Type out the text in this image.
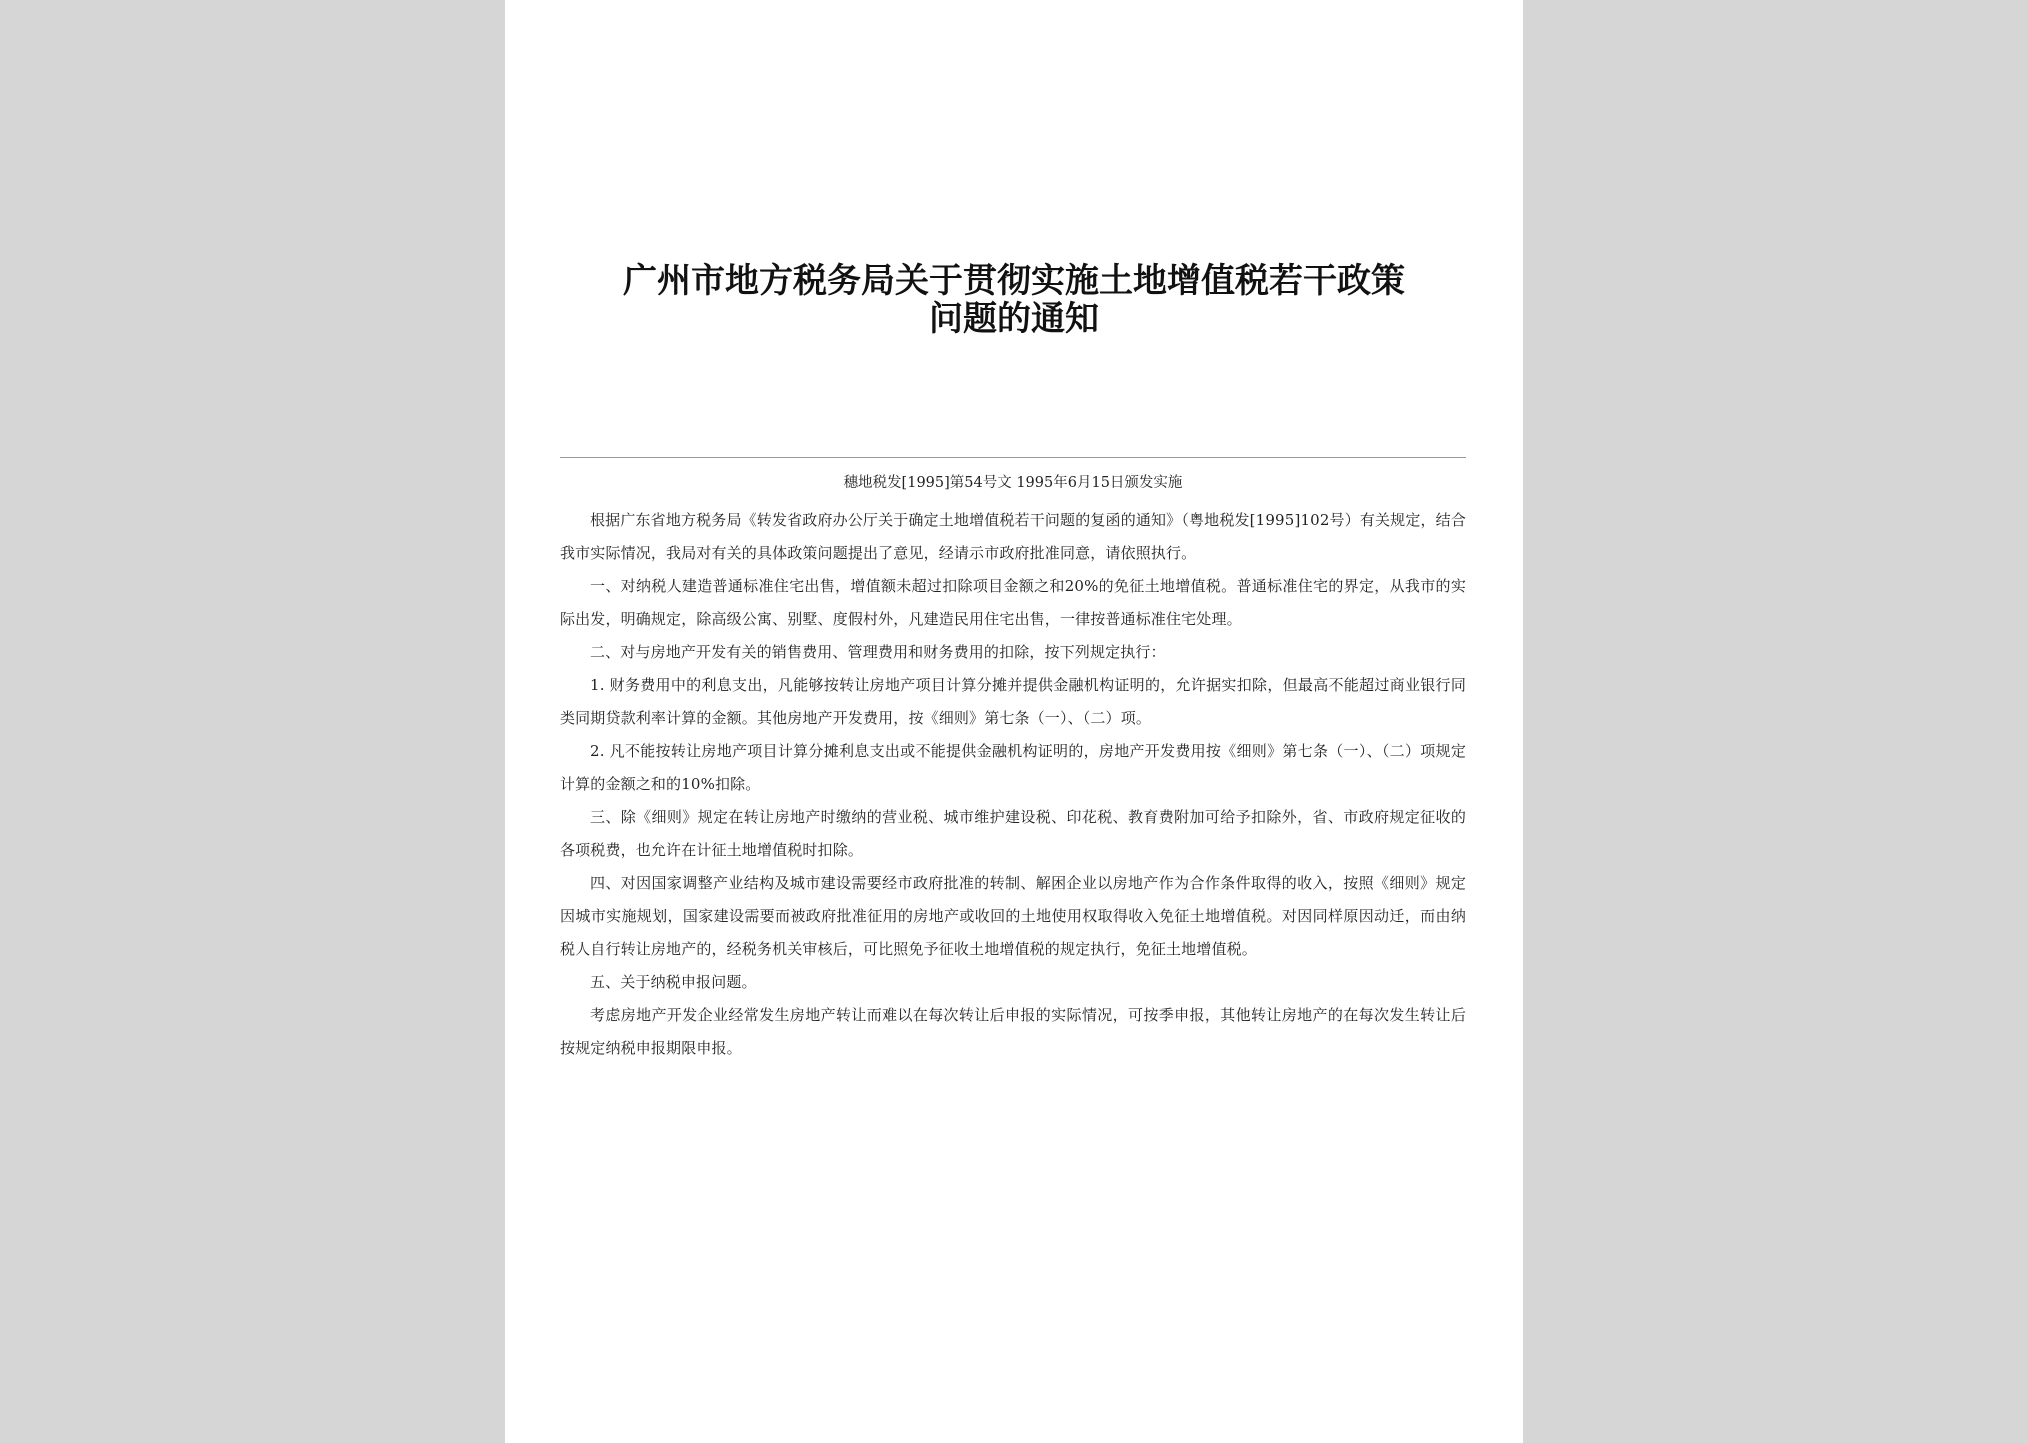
广州市地方税务局关于贯彻实施土地增值税若干政策
问题的通知

穗地税发[1995]第54号文 1995年6月15日颁发实施

根据广东省地方税务局《转发省政府办公厅关于确定土地增值税若干问题的复函的通知》（粤地税发[1995]102号）有关规定，结合我市实际情况，我局对有关的具体政策问题提出了意见，经请示市政府批准同意，请依照执行。

一、对纳税人建造普通标准住宅出售，增值额未超过扣除项目金额之和20%的免征土地增值税。普通标准住宅的界定，从我市的实际出发，明确规定，除高级公寓、别墅、度假村外，凡建造民用住宅出售，一律按普通标准住宅处理。

二、对与房地产开发有关的销售费用、管理费用和财务费用的扣除，按下列规定执行：

1. 财务费用中的利息支出，凡能够按转让房地产项目计算分摊并提供金融机构证明的，允许据实扣除，但最高不能超过商业银行同类同期贷款利率计算的金额。其他房地产开发费用，按《细则》第七条（一）、（二）项。

2. 凡不能按转让房地产项目计算分摊利息支出或不能提供金融机构证明的，房地产开发费用按《细则》第七条（一）、（二）项规定计算的金额之和的10%扣除。

三、除《细则》规定在转让房地产时缴纳的营业税、城市维护建设税、印花税、教育费附加可给予扣除外，省、市政府规定征收的各项税费，也允许在计征土地增值税时扣除。

四、对因国家调整产业结构及城市建设需要经市政府批准的转制、解困企业以房地产作为合作条件取得的收入，按照《细则》规定因城市实施规划，国家建设需要而被政府批准征用的房地产或收回的土地使用权取得收入免征土地增值税。对因同样原因动迁，而由纳税人自行转让房地产的，经税务机关审核后，可比照免予征收土地增值税的规定执行，免征土地增值税。

五、关于纳税申报问题。

考虑房地产开发企业经常发生房地产转让而难以在每次转让后申报的实际情况，可按季申报，其他转让房地产的在每次发生转让后按规定纳税申报期限申报。
